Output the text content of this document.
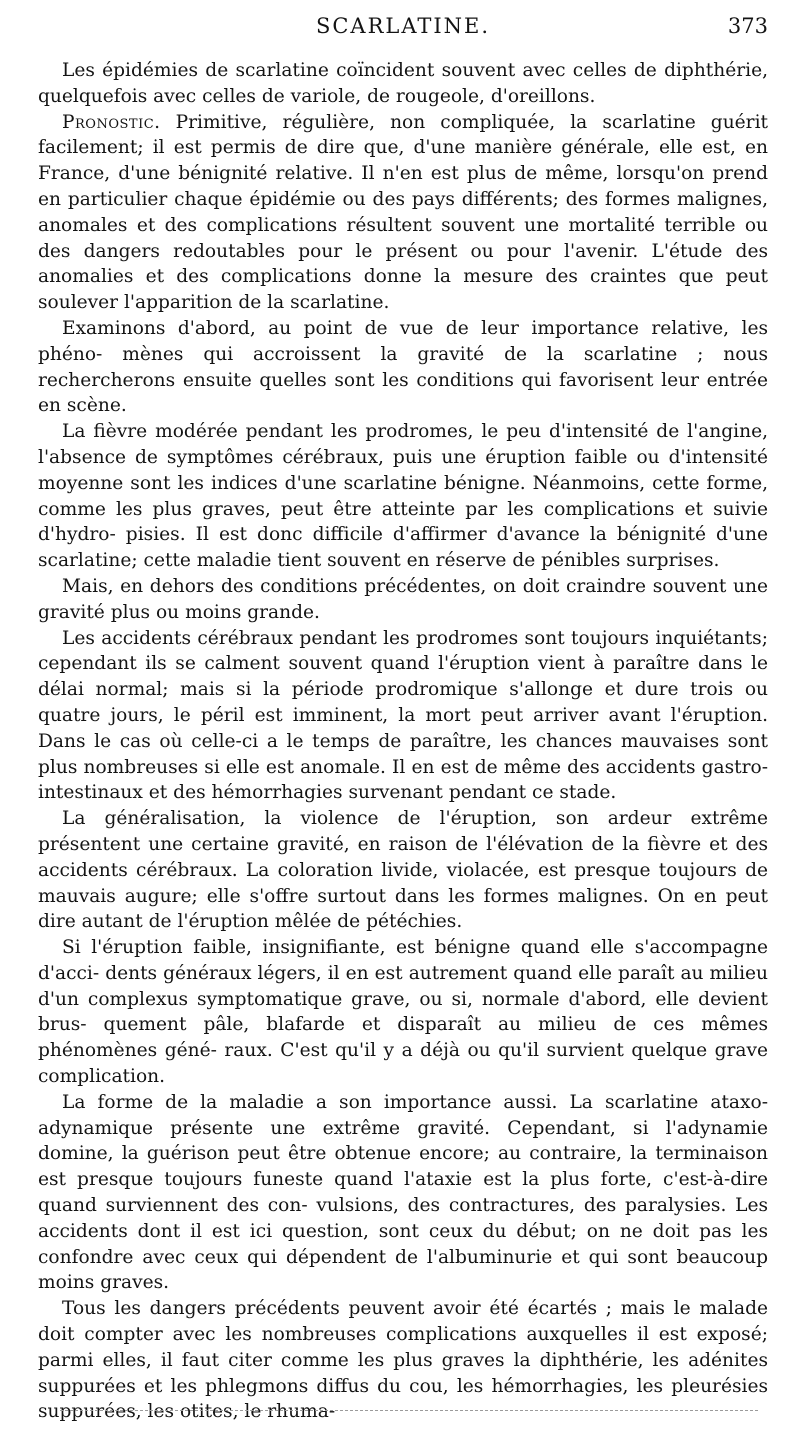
SCARLATINE.	373

Les épidémies de scarlatine coïncident souvent avec celles de diphthérie, quelquefois avec celles de variole, de rougeole, d'oreillons.

Pronostic. Primitive, régulière, non compliquée, la scarlatine guérit facilement; il est permis de dire que, d'une manière générale, elle est, en France, d'une bénignité relative. Il n'en est plus de même, lorsqu'on prend en particulier chaque épidémie ou des pays différents; des formes malignes, anomales et des complications résultent souvent une mortalité terrible ou des dangers redoutables pour le présent ou pour l'avenir. L'étude des anomalies et des complications donne la mesure des craintes que peut soulever l'apparition de la scarlatine.

Examinons d'abord, au point de vue de leur importance relative, les phéno- mènes qui accroissent la gravité de la scarlatine ; nous rechercherons ensuite quelles sont les conditions qui favorisent leur entrée en scène.

La fièvre modérée pendant les prodromes, le peu d'intensité de l'angine, l'absence de symptômes cérébraux, puis une éruption faible ou d'intensité moyenne sont les indices d'une scarlatine bénigne. Néanmoins, cette forme, comme les plus graves, peut être atteinte par les complications et suivie d'hydro- pisies. Il est donc difficile d'affirmer d'avance la bénignité d'une scarlatine; cette maladie tient souvent en réserve de pénibles surprises.

Mais, en dehors des conditions précédentes, on doit craindre souvent une gravité plus ou moins grande.

Les accidents cérébraux pendant les prodromes sont toujours inquiétants; cependant ils se calment souvent quand l'éruption vient à paraître dans le délai normal; mais si la période prodromique s'allonge et dure trois ou quatre jours, le péril est imminent, la mort peut arriver avant l'éruption. Dans le cas où celle-ci a le temps de paraître, les chances mauvaises sont plus nombreuses si elle est anomale. Il en est de même des accidents gastro-intestinaux et des hémorrhagies survenant pendant ce stade.

La généralisation, la violence de l'éruption, son ardeur extrême présentent une certaine gravité, en raison de l'élévation de la fièvre et des accidents cérébraux. La coloration livide, violacée, est presque toujours de mauvais augure; elle s'offre surtout dans les formes malignes. On en peut dire autant de l'éruption mêlée de pétéchies.

Si l'éruption faible, insignifiante, est bénigne quand elle s'accompagne d'acci- dents généraux légers, il en est autrement quand elle paraît au milieu d'un complexus symptomatique grave, ou si, normale d'abord, elle devient brus- quement pâle, blafarde et disparaît au milieu de ces mêmes phénomènes géné- raux. C'est qu'il y a déjà ou qu'il survient quelque grave complication.

La forme de la maladie a son importance aussi. La scarlatine ataxo-adynamique présente une extrême gravité. Cependant, si l'adynamie domine, la guérison peut être obtenue encore; au contraire, la terminaison est presque toujours funeste quand l'ataxie est la plus forte, c'est-à-dire quand surviennent des con- vulsions, des contractures, des paralysies. Les accidents dont il est ici question, sont ceux du début; on ne doit pas les confondre avec ceux qui dépendent de l'albuminurie et qui sont beaucoup moins graves.

Tous les dangers précédents peuvent avoir été écartés ; mais le malade doit compter avec les nombreuses complications auxquelles il est exposé; parmi elles, il faut citer comme les plus graves la diphthérie, les adénites suppurées et les phlegmons diffus du cou, les hémorrhagies, les pleurésies suppurées, les otites, le rhuma-
